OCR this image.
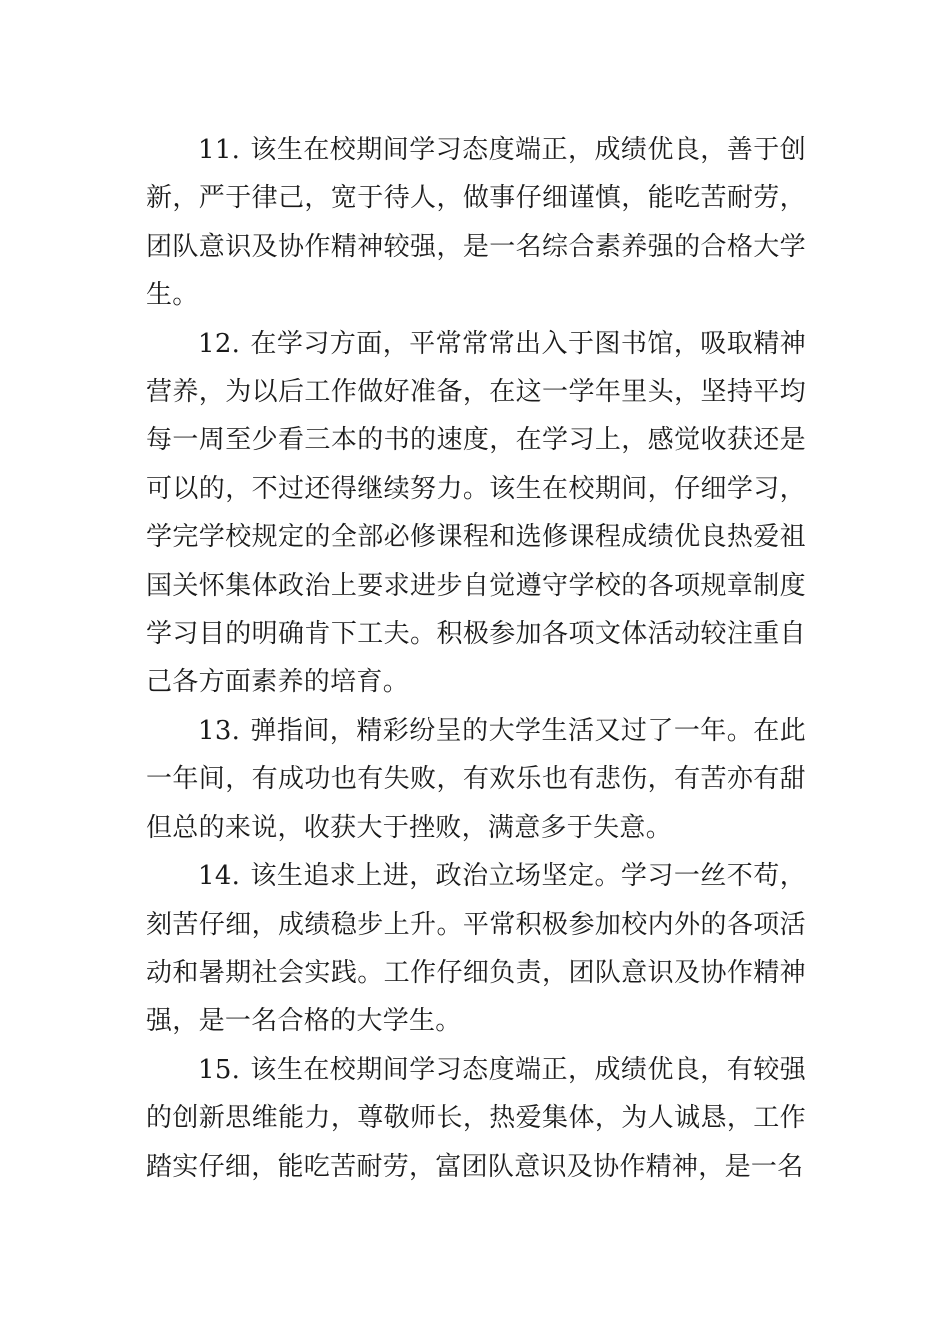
11. 该生在校期间学习态度端正，成绩优良，善于创新，严于律己，宽于待人，做事仔细谨慎，能吃苦耐劳，团队意识及协作精神较强，是一名综合素养强的合格大学生。

12. 在学习方面，平常常常出入于图书馆，吸取精神营养，为以后工作做好准备，在这一学年里头，坚持平均每一周至少看三本的书的速度，在学习上，感觉收获还是可以的，不过还得继续努力。该生在校期间，仔细学习，学完学校规定的全部必修课程和选修课程成绩优良热爱祖国关怀集体政治上要求进步自觉遵守学校的各项规章制度学习目的明确肯下工夫。积极参加各项文体活动较注重自己各方面素养的培育。

13. 弹指间，精彩纷呈的大学生活又过了一年。在此一年间，有成功也有失败，有欢乐也有悲伤，有苦亦有甜但总的来说，收获大于挫败，满意多于失意。

14. 该生追求上进，政治立场坚定。学习一丝不苟，刻苦仔细，成绩稳步上升。平常积极参加校内外的各项活动和暑期社会实践。工作仔细负责，团队意识及协作精神强，是一名合格的大学生。

15. 该生在校期间学习态度端正，成绩优良，有较强的创新思维能力，尊敬师长，热爱集体，为人诚恳，工作踏实仔细，能吃苦耐劳，富团队意识及协作精神，是一名
